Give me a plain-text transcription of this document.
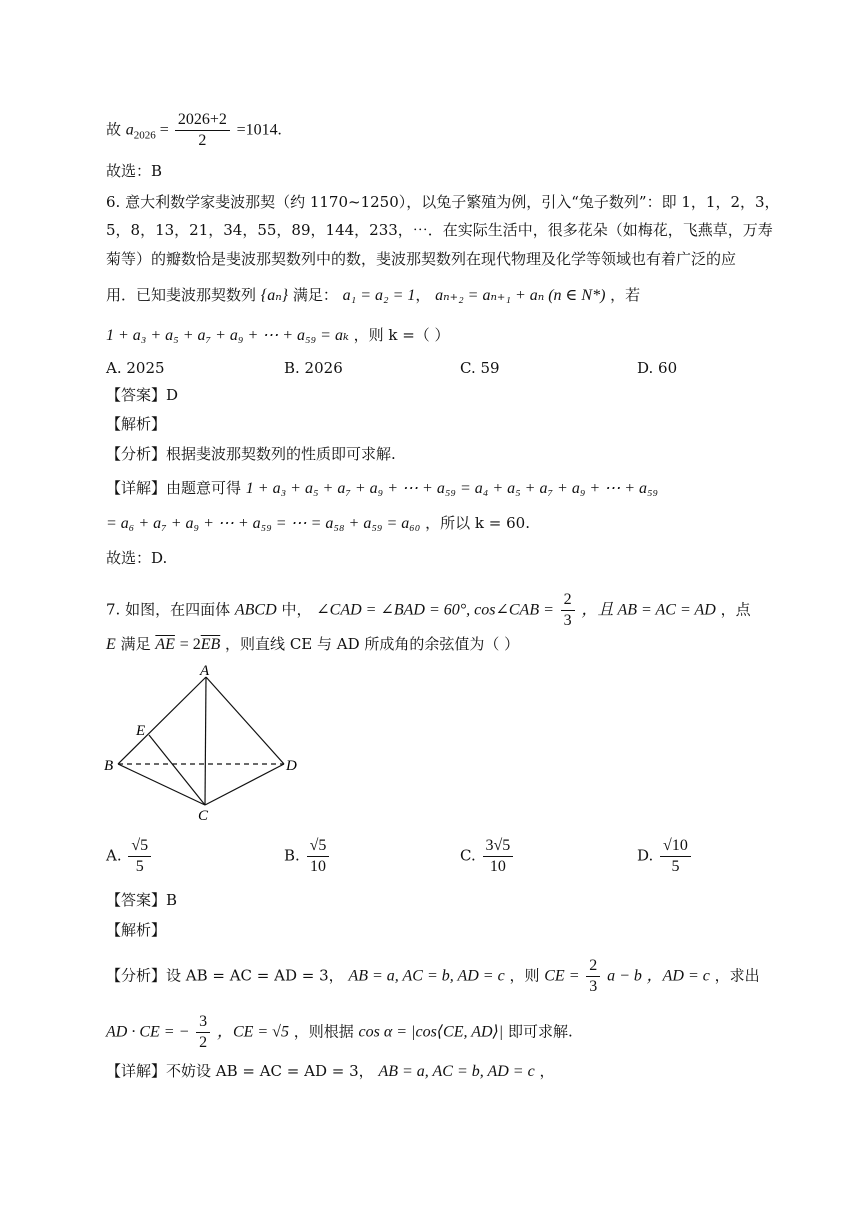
故 $a_{2026} = \frac{2026+2}{2} =1014$.
故选：B
6. 意大利数学家斐波那契（约 1170~1250），以兔子繁殖为例，引入“兔子数列”：即 1，1，2，3，
5，8，13，21，34，55，89，144，233，⋯．在实际生活中，很多花朵（如梅花，飞燕草，万寿
菊等）的瓣数恰是斐波那契数列中的数，斐波那契数列在现代物理及化学等领域也有着广泛的应
用．已知斐波那契数列 {aₙ} 满足： a₁ = a₂ = 1， aₙ₊₂ = aₙ₊₁ + aₙ (n ∈ N*) ，若
1 + a₃ + a₅ + a₇ + a₉ + ⋯ + a₅₉ = aₖ ，则 k =（ ）
A. 2025	B. 2026	C. 59	D. 60
【答案】D
【解析】
【分析】根据斐波那契数列的性质即可求解.
【详解】由题意可得 1 + a₃ + a₅ + a₇ + a₉ + ⋯ + a₅₉ = a₄ + a₅ + a₇ + a₉ + ⋯ + a₅₉
= a₆ + a₇ + a₉ + ⋯ + a₅₉ = ⋯ = a₅₈ + a₅₉ = a₆₀ ，所以 k = 60.
故选：D.
7. 如图，在四面体 ABCD 中， ∠CAD = ∠BAD = 60°, cos∠CAB = $\frac{2}{3}$ ，且 AB = AC = AD ，点
E 满足 $\overline{AE} = 2\overline{EB}$ ，则直线 CE 与 AD 所成角的余弦值为（ ）
A
B
C
D
E
A. $\frac{√5}{5}$	B. $\frac{√5}{10}$	C. $\frac{3√5}{10}$	D. $\frac{√10}{5}$
【答案】B
【解析】
【分析】设 AB = AC = AD = 3， AB = a, AC = b, AD = c ，则 CE = $\frac{2}{3}$ a − b ，AD = c ，求出
AD · CE = − $\frac{3}{2}$ ，CE = √5 ，则根据 cos α = |cos⟨CE, AD⟩| 即可求解.
【详解】不妨设 AB = AC = AD = 3， AB = a, AC = b, AD = c ，
